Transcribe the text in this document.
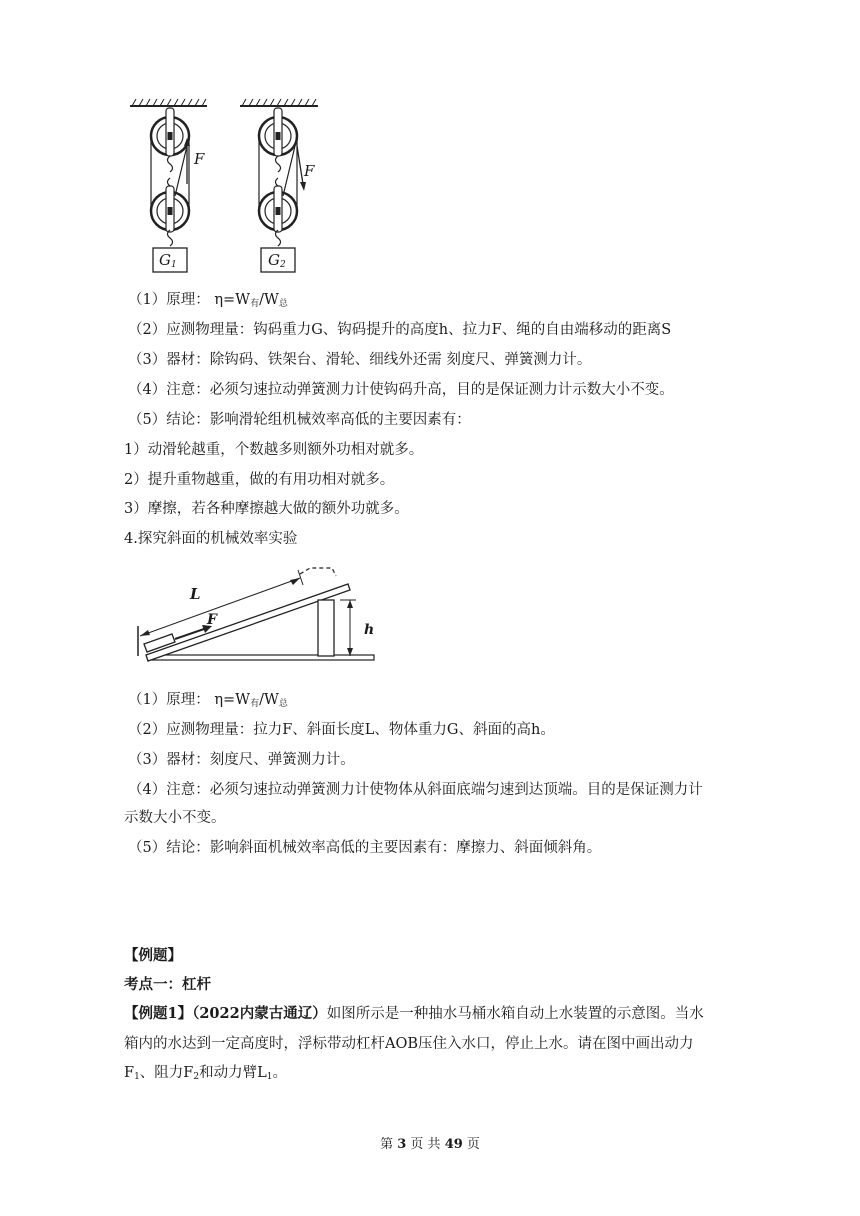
F
F
$G_1$	$G_2$
（1）原理： $\eta=W_有/W_总$
（2）应测物理量：钩码重力G、钩码提升的高度h、拉力F、绳的自由端移动的距离S
（3）器材：除钩码、铁架台、滑轮、细线外还需 刻度尺、弹簧测力计。
（4）注意：必须匀速拉动弹簧测力计使钩码升高，目的是保证测力计示数大小不变。
（5）结论：影响滑轮组机械效率高低的主要因素有：
1）动滑轮越重，个数越多则额外功相对就多。
2）提升重物越重，做的有用功相对就多。
3）摩擦，若各种摩擦越大做的额外功就多。
4.探究斜面的机械效率实验
L
F
h
（1）原理： $\eta=W_有/W_总$
（2）应测物理量：拉力F、斜面长度L、物体重力G、斜面的高h。
（3）器材：刻度尺、弹簧测力计。
（4）注意：必须匀速拉动弹簧测力计使物体从斜面底端匀速到达顶端。目的是保证测力计
示数大小不变。
（5）结论：影响斜面机械效率高低的主要因素有：摩擦力、斜面倾斜角。
【例题】
考点一：杠杆
【例题1】（2022内蒙古通辽）如图所示是一种抽水马桶水箱自动上水装置的示意图。当水
箱内的水达到一定高度时，浮标带动杠杆AOB压住入水口，停止上水。请在图中画出动力
$F_1$、阻力$F_2$和动力臂$L_1$。
第 3 页 共 49 页
